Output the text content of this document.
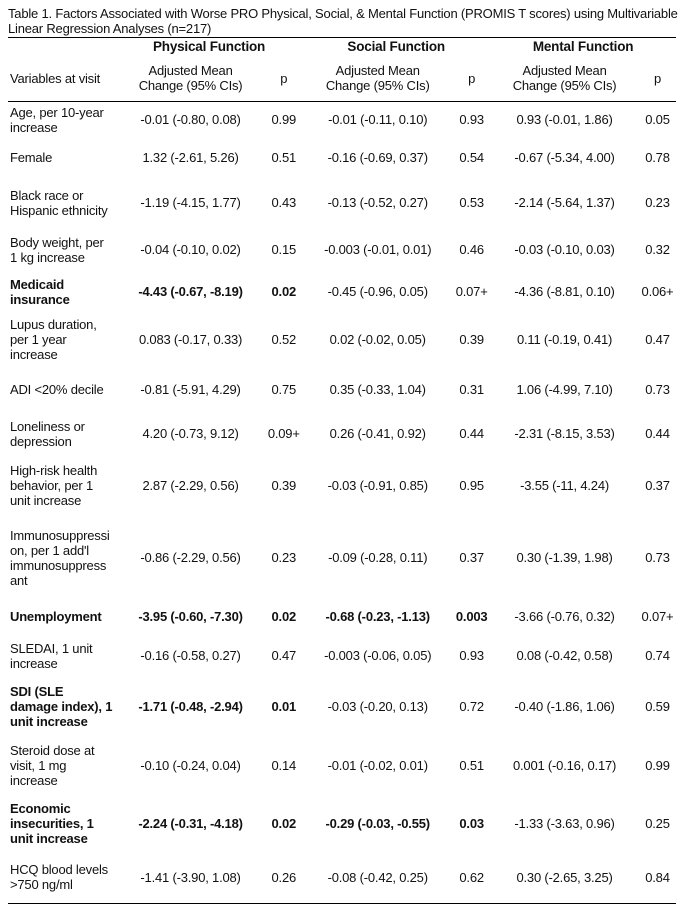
Table 1. Factors Associated with Worse PRO Physical, Social, & Mental Function (PROMIS T scores) using Multivariable Linear Regression Analyses (n=217)
	Physical Function		Social Function		Mental Function	
Variables at visit	Adjusted Mean Change (95% CIs)	p	Adjusted Mean Change (95% CIs)	p	Adjusted Mean Change (95% CIs)	p
Age, per 10-year increase	-0.01 (-0.80, 0.08)	0.99	-0.01 (-0.11, 0.10)	0.93	0.93 (-0.01, 1.86)	0.05
Female	1.32 (-2.61, 5.26)	0.51	-0.16 (-0.69, 0.37)	0.54	-0.67 (-5.34, 4.00)	0.78
Black race or Hispanic ethnicity	-1.19 (-4.15, 1.77)	0.43	-0.13 (-0.52, 0.27)	0.53	-2.14 (-5.64, 1.37)	0.23
Body weight, per 1 kg increase	-0.04 (-0.10, 0.02)	0.15	-0.003 (-0.01, 0.01)	0.46	-0.03 (-0.10, 0.03)	0.32
Medicaid insurance	-4.43 (-0.67, -8.19)	0.02	-0.45 (-0.96, 0.05)	0.07+	-4.36 (-8.81, 0.10)	0.06+
Lupus duration, per 1 year increase	0.083 (-0.17, 0.33)	0.52	0.02 (-0.02, 0.05)	0.39	0.11 (-0.19, 0.41)	0.47
ADI <20% decile	-0.81 (-5.91, 4.29)	0.75	0.35 (-0.33, 1.04)	0.31	1.06 (-4.99, 7.10)	0.73
Loneliness or depression	4.20 (-0.73, 9.12)	0.09+	0.26 (-0.41, 0.92)	0.44	-2.31 (-8.15, 3.53)	0.44
High-risk health behavior, per 1 unit increase	2.87 (-2.29, 0.56)	0.39	-0.03 (-0.91, 0.85)	0.95	-3.55 (-11, 4.24)	0.37
Immunosuppressi on, per 1 add'l immunosuppress ant	-0.86 (-2.29, 0.56)	0.23	-0.09 (-0.28, 0.11)	0.37	0.30 (-1.39, 1.98)	0.73
Unemployment	-3.95 (-0.60, -7.30)	0.02	-0.68 (-0.23, -1.13)	0.003	-3.66 (-0.76, 0.32)	0.07+
SLEDAI, 1 unit increase	-0.16 (-0.58, 0.27)	0.47	-0.003 (-0.06, 0.05)	0.93	0.08 (-0.42, 0.58)	0.74
SDI (SLE damage index), 1 unit increase	-1.71 (-0.48, -2.94)	0.01	-0.03 (-0.20, 0.13)	0.72	-0.40 (-1.86, 1.06)	0.59
Steroid dose at visit, 1 mg increase	-0.10 (-0.24, 0.04)	0.14	-0.01 (-0.02, 0.01)	0.51	0.001 (-0.16, 0.17)	0.99
Economic insecurities, 1 unit increase	-2.24 (-0.31, -4.18)	0.02	-0.29 (-0.03, -0.55)	0.03	-1.33 (-3.63, 0.96)	0.25
HCQ blood levels >750 ng/ml	-1.41 (-3.90, 1.08)	0.26	-0.08 (-0.42, 0.25)	0.62	0.30 (-2.65, 3.25)	0.84
